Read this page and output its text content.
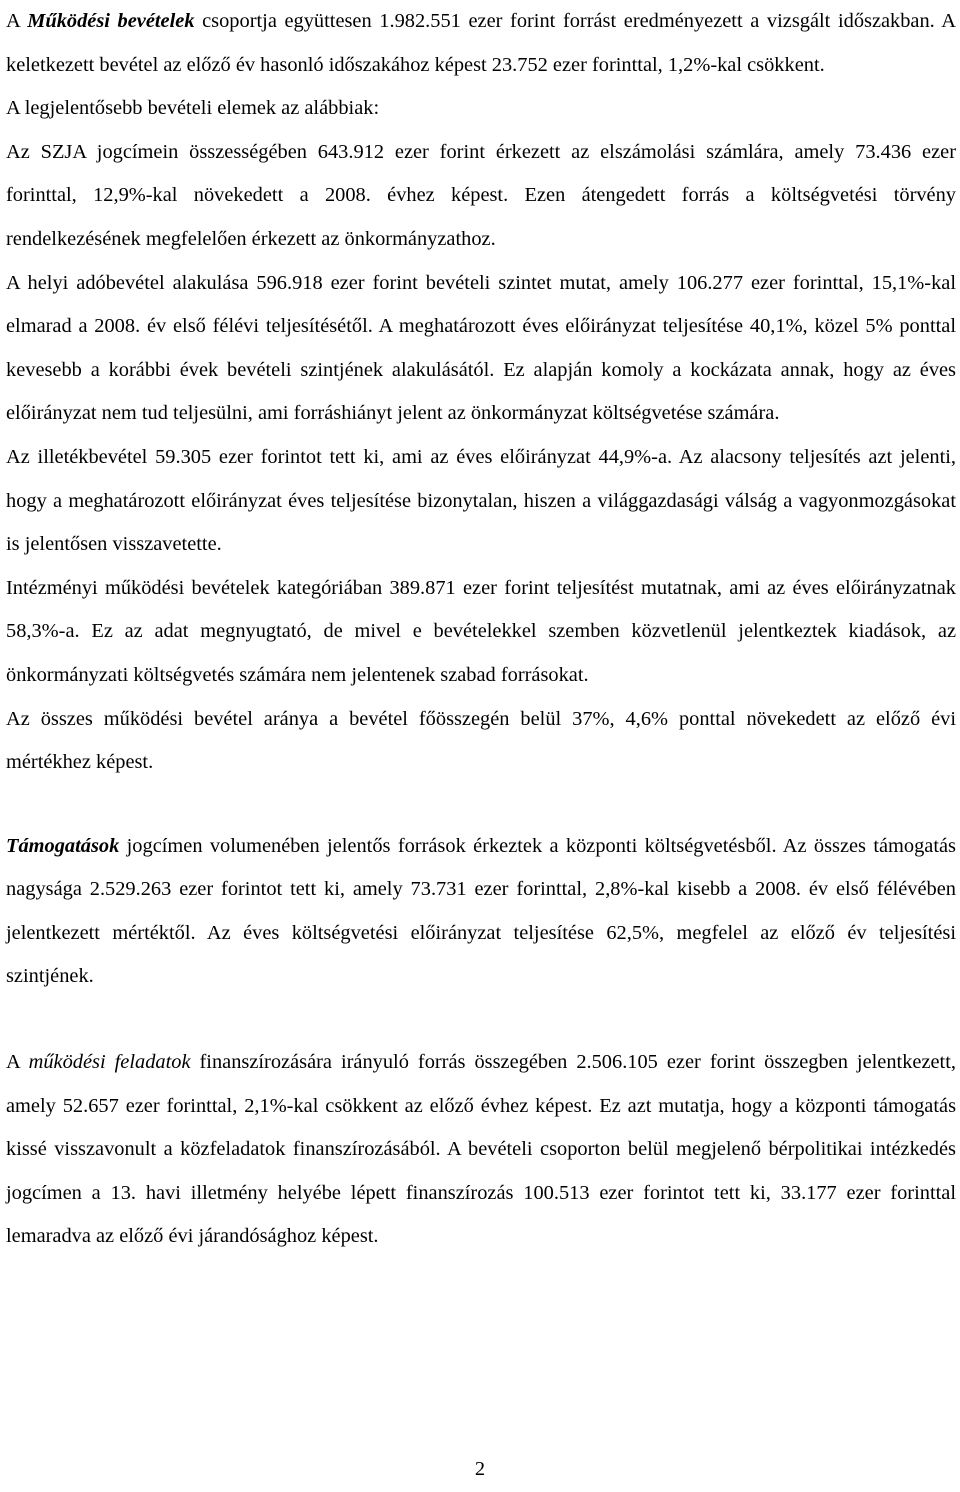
A Működési bevételek csoportja együttesen 1.982.551 ezer forint forrást eredményezett a vizsgált időszakban. A keletkezett bevétel az előző év hasonló időszakához képest 23.752 ezer forinttal, 1,2%-kal csökkent.

A legjelentősebb bevételi elemek az alábbiak:

Az SZJA jogcímein összességében 643.912 ezer forint érkezett az elszámolási számlára, amely 73.436 ezer forinttal, 12,9%-kal növekedett a 2008. évhez képest. Ezen átengedett forrás a költségvetési törvény rendelkezésének megfelelően érkezett az önkormányzathoz.

A helyi adóbevétel alakulása 596.918 ezer forint bevételi szintet mutat, amely 106.277 ezer forinttal, 15,1%-kal elmarad a 2008. év első félévi teljesítésétől. A meghatározott éves előirányzat teljesítése 40,1%, közel 5% ponttal kevesebb a korábbi évek bevételi szintjének alakulásától. Ez alapján komoly a kockázata annak, hogy az éves előirányzat nem tud teljesülni, ami forráshiányt jelent az önkormányzat költségvetése számára.

Az illetékbevétel 59.305 ezer forintot tett ki, ami az éves előirányzat 44,9%-a. Az alacsony teljesítés azt jelenti, hogy a meghatározott előirányzat éves teljesítése bizonytalan, hiszen a világgazdasági válság a vagyonmozgásokat is jelentősen visszavetette.

Intézményi működési bevételek kategóriában 389.871 ezer forint teljesítést mutatnak, ami az éves előirányzatnak 58,3%-a. Ez az adat megnyugtató, de mivel e bevételekkel szemben közvetlenül jelentkeztek kiadások, az önkormányzati költségvetés számára nem jelentenek szabad forrásokat.

Az összes működési bevétel aránya a bevétel főösszegén belül 37%, 4,6% ponttal növekedett az előző évi mértékhez képest.

Támogatások jogcímen volumenében jelentős források érkeztek a központi költségvetésből. Az összes támogatás nagysága 2.529.263 ezer forintot tett ki, amely 73.731 ezer forinttal, 2,8%-kal kisebb a 2008. év első félévében jelentkezett mértéktől. Az éves költségvetési előirányzat teljesítése 62,5%, megfelel az előző év teljesítési szintjének.

A működési feladatok finanszírozására irányuló forrás összegében 2.506.105 ezer forint összegben jelentkezett, amely 52.657 ezer forinttal, 2,1%-kal csökkent az előző évhez képest. Ez azt mutatja, hogy a központi támogatás kissé visszavonult a közfeladatok finanszírozásából. A bevételi csoporton belül megjelenő bérpolitikai intézkedés jogcímen a 13. havi illetmény helyébe lépett finanszírozás 100.513 ezer forintot tett ki, 33.177 ezer forinttal lemaradva az előző évi járandósághoz képest.

2
